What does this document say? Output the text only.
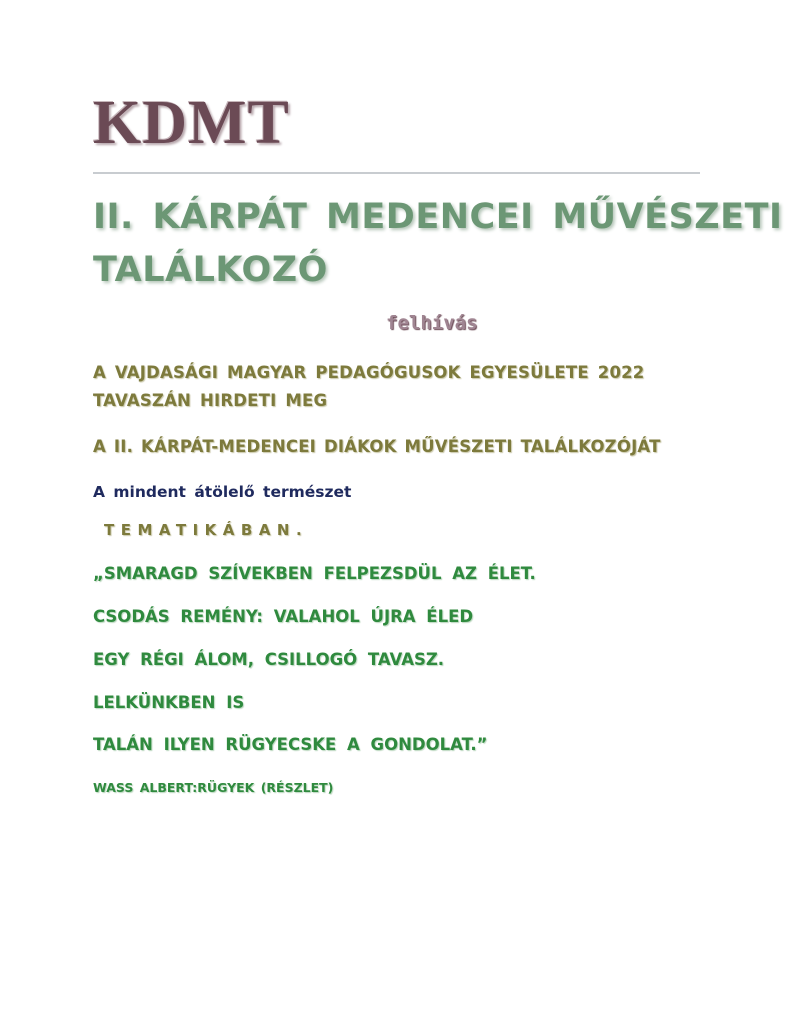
KDMT
II. KÁRPÁT MEDENCEI MŰVÉSZETI
TALÁLKOZÓ
felhívás
A VAJDASÁGI MAGYAR PEDAGÓGUSOK EGYESÜLETE 2022
TAVASZÁN HIRDETI MEG
A II. KÁRPÁT-MEDENCEI DIÁKOK MŰVÉSZETI TALÁLKOZÓJÁT
A mindent átölelő természet
TEMATIKÁBAN.
„SMARAGD SZÍVEKBEN FELPEZSDÜL AZ ÉLET.
CSODÁS REMÉNY: VALAHOL ÚJRA ÉLED
EGY RÉGI ÁLOM, CSILLOGÓ TAVASZ.
LELKÜNKBEN IS
TALÁN ILYEN RÜGYECSKE A GONDOLAT.”
WASS ALBERT:RÜGYEK (RÉSZLET)
